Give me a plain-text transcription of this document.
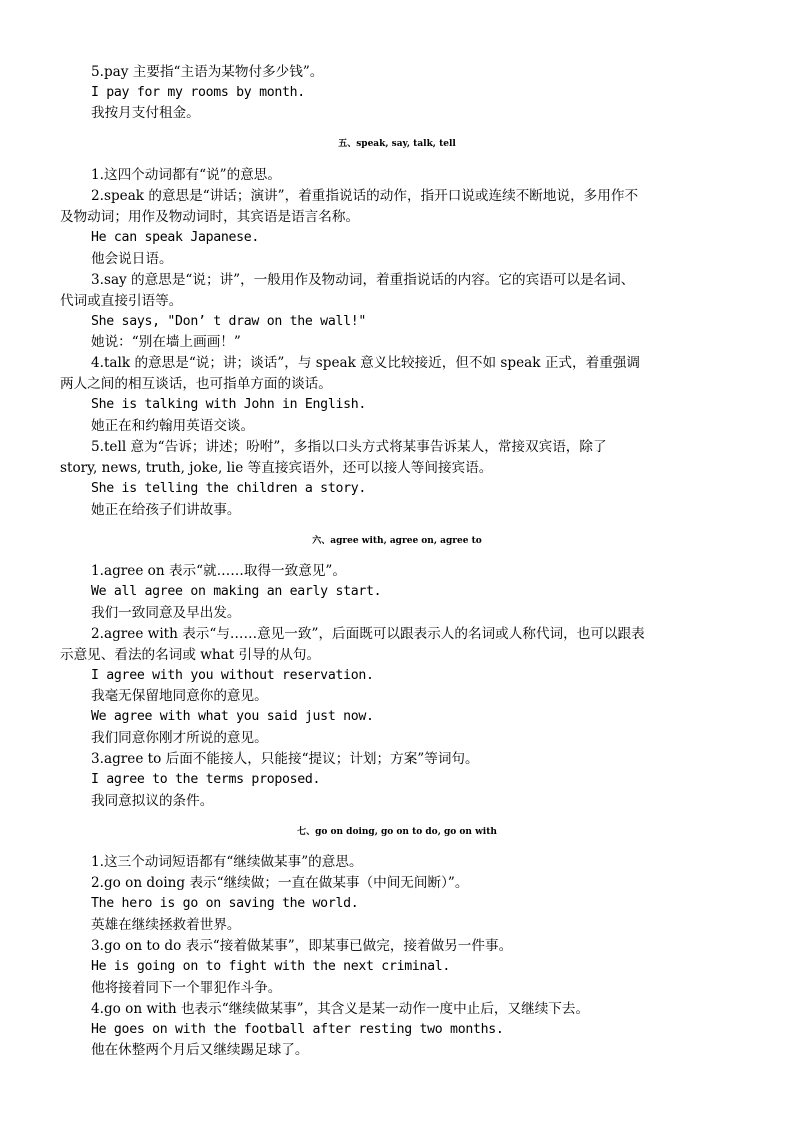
5.pay 主要指“主语为某物付多少钱”。
I pay for my rooms by month.
我按月支付租金。
五、speak, say, talk, tell
1.这四个动词都有“说”的意思。
2.speak 的意思是“讲话；演讲”，着重指说话的动作，指开口说或连续不断地说，多用作不
及物动词；用作及物动词时，其宾语是语言名称。
He can speak Japanese.
他会说日语。
3.say 的意思是“说；讲”，一般用作及物动词，着重指说话的内容。它的宾语可以是名词、
代词或直接引语等。
She says, "Don’ t draw on the wall!"
她说：“别在墙上画画！”
4.talk 的意思是“说；讲；谈话”，与 speak 意义比较接近，但不如 speak 正式，着重强调
两人之间的相互谈话，也可指单方面的谈话。
She is talking with John in English.
她正在和约翰用英语交谈。
5.tell 意为“告诉；讲述；吩咐”，多指以口头方式将某事告诉某人，常接双宾语，除了
story, news, truth, joke, lie 等直接宾语外，还可以接人等间接宾语。
She is telling the children a story.
她正在给孩子们讲故事。
六、agree with, agree on, agree to
1.agree on 表示“就……取得一致意见”。
We all agree on making an early start.
我们一致同意及早出发。
2.agree with 表示“与……意见一致”，后面既可以跟表示人的名词或人称代词，也可以跟表
示意见、看法的名词或 what 引导的从句。
I agree with you without reservation.
我毫无保留地同意你的意见。
We agree with what you said just now.
我们同意你刚才所说的意见。
3.agree to 后面不能接人，只能接“提议；计划；方案”等词句。
I agree to the terms proposed.
我同意拟议的条件。
七、go on doing, go on to do, go on with
1.这三个动词短语都有“继续做某事”的意思。
2.go on doing 表示“继续做；一直在做某事（中间无间断）”。
The hero is go on saving the world.
英雄在继续拯救着世界。
3.go on to do 表示“接着做某事”，即某事已做完，接着做另一件事。
He is going on to fight with the next criminal.
他将接着同下一个罪犯作斗争。
4.go on with 也表示“继续做某事”，其含义是某一动作一度中止后，又继续下去。
He goes on with the football after resting two months.
他在休整两个月后又继续踢足球了。
